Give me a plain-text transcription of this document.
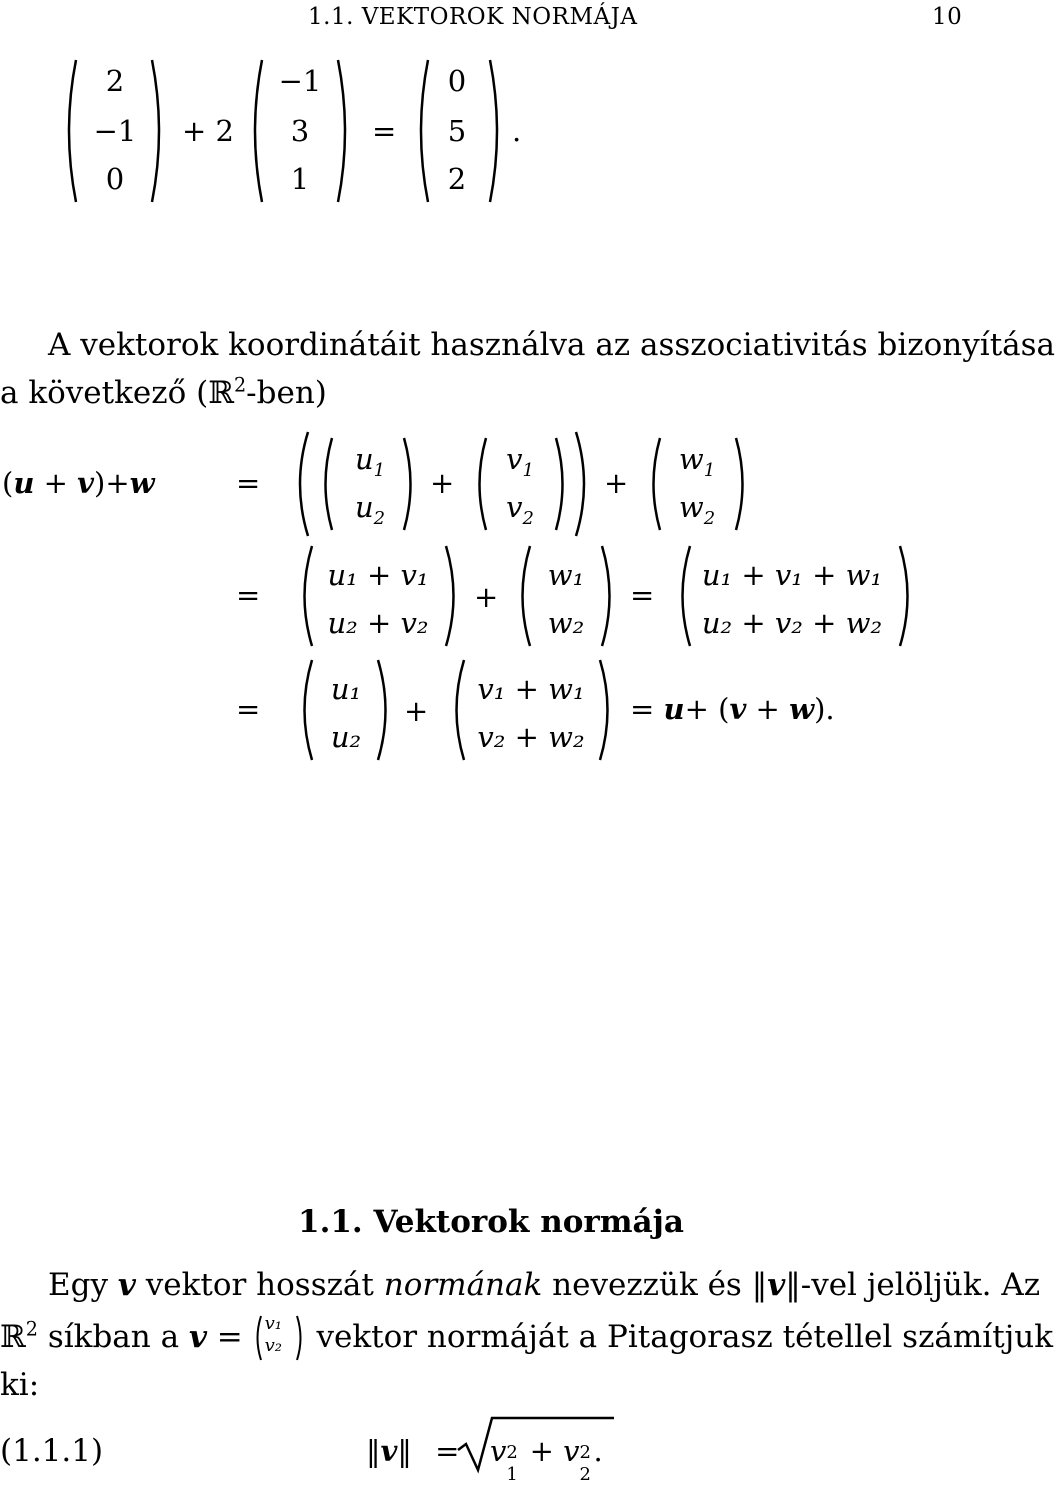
1.1. VEKTOROK NORMÁJA	10
2
−1
0
+ 2
−1
3
1
=
0
5
2
.
A vektorok koordinátáit használva az asszociativitás bizonyítása
a következő (ℝ$^2$-ben)
(u + v)+w	=
$u_1$
$u_2$
+
$v_1$
$v_2$
+
$w_1$
$w_2$
=
u₁ + v₁
u₂ + v₂
+
w₁
w₂
=
u₁ + v₁ + w₁
u₂ + v₂ + w₂
=
u₁
u₂
+
v₁ + w₁
v₂ + w₂
= u+ (v + w).
1.1. Vektorok normája
Egy v vektor hosszát normának nevezzük és ‖v‖-vel jelöljük. Az
ℝ$^2$ síkban a v = v₁
v₂ vektor normáját a Pitagorasz tétellel számítjuk
ki:
(1.1.1)	‖v‖ =	v 2
1
+ v 2
2
.
